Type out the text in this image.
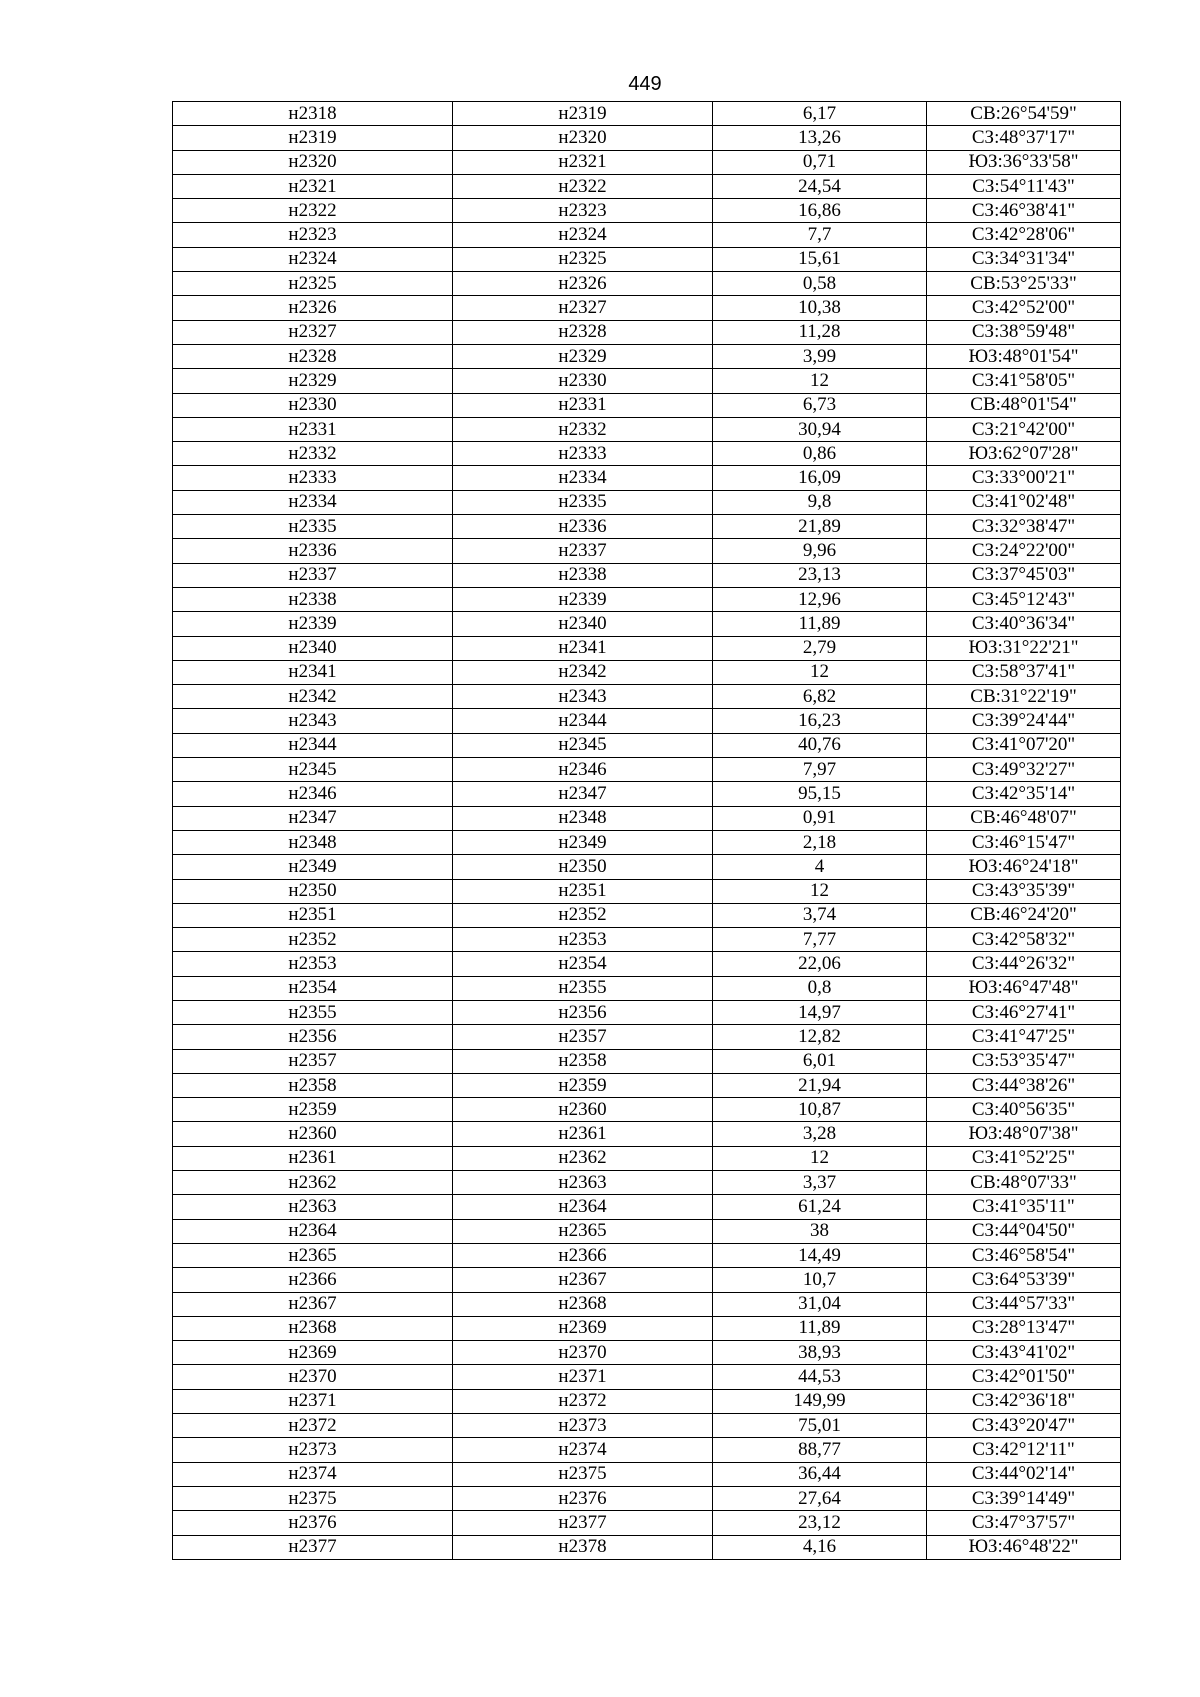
449
н2318	н2319	6,17	СВ:26°54'59"
н2319	н2320	13,26	СЗ:48°37'17"
н2320	н2321	0,71	ЮЗ:36°33'58"
н2321	н2322	24,54	СЗ:54°11'43"
н2322	н2323	16,86	СЗ:46°38'41"
н2323	н2324	7,7	СЗ:42°28'06"
н2324	н2325	15,61	СЗ:34°31'34"
н2325	н2326	0,58	СВ:53°25'33"
н2326	н2327	10,38	СЗ:42°52'00"
н2327	н2328	11,28	СЗ:38°59'48"
н2328	н2329	3,99	ЮЗ:48°01'54"
н2329	н2330	12	СЗ:41°58'05"
н2330	н2331	6,73	СВ:48°01'54"
н2331	н2332	30,94	СЗ:21°42'00"
н2332	н2333	0,86	ЮЗ:62°07'28"
н2333	н2334	16,09	СЗ:33°00'21"
н2334	н2335	9,8	СЗ:41°02'48"
н2335	н2336	21,89	СЗ:32°38'47"
н2336	н2337	9,96	СЗ:24°22'00"
н2337	н2338	23,13	СЗ:37°45'03"
н2338	н2339	12,96	СЗ:45°12'43"
н2339	н2340	11,89	СЗ:40°36'34"
н2340	н2341	2,79	ЮЗ:31°22'21"
н2341	н2342	12	СЗ:58°37'41"
н2342	н2343	6,82	СВ:31°22'19"
н2343	н2344	16,23	СЗ:39°24'44"
н2344	н2345	40,76	СЗ:41°07'20"
н2345	н2346	7,97	СЗ:49°32'27"
н2346	н2347	95,15	СЗ:42°35'14"
н2347	н2348	0,91	СВ:46°48'07"
н2348	н2349	2,18	СЗ:46°15'47"
н2349	н2350	4	ЮЗ:46°24'18"
н2350	н2351	12	СЗ:43°35'39"
н2351	н2352	3,74	СВ:46°24'20"
н2352	н2353	7,77	СЗ:42°58'32"
н2353	н2354	22,06	СЗ:44°26'32"
н2354	н2355	0,8	ЮЗ:46°47'48"
н2355	н2356	14,97	СЗ:46°27'41"
н2356	н2357	12,82	СЗ:41°47'25"
н2357	н2358	6,01	СЗ:53°35'47"
н2358	н2359	21,94	СЗ:44°38'26"
н2359	н2360	10,87	СЗ:40°56'35"
н2360	н2361	3,28	ЮЗ:48°07'38"
н2361	н2362	12	СЗ:41°52'25"
н2362	н2363	3,37	СВ:48°07'33"
н2363	н2364	61,24	СЗ:41°35'11"
н2364	н2365	38	СЗ:44°04'50"
н2365	н2366	14,49	СЗ:46°58'54"
н2366	н2367	10,7	СЗ:64°53'39"
н2367	н2368	31,04	СЗ:44°57'33"
н2368	н2369	11,89	СЗ:28°13'47"
н2369	н2370	38,93	СЗ:43°41'02"
н2370	н2371	44,53	СЗ:42°01'50"
н2371	н2372	149,99	СЗ:42°36'18"
н2372	н2373	75,01	СЗ:43°20'47"
н2373	н2374	88,77	СЗ:42°12'11"
н2374	н2375	36,44	СЗ:44°02'14"
н2375	н2376	27,64	СЗ:39°14'49"
н2376	н2377	23,12	СЗ:47°37'57"
н2377	н2378	4,16	ЮЗ:46°48'22"
